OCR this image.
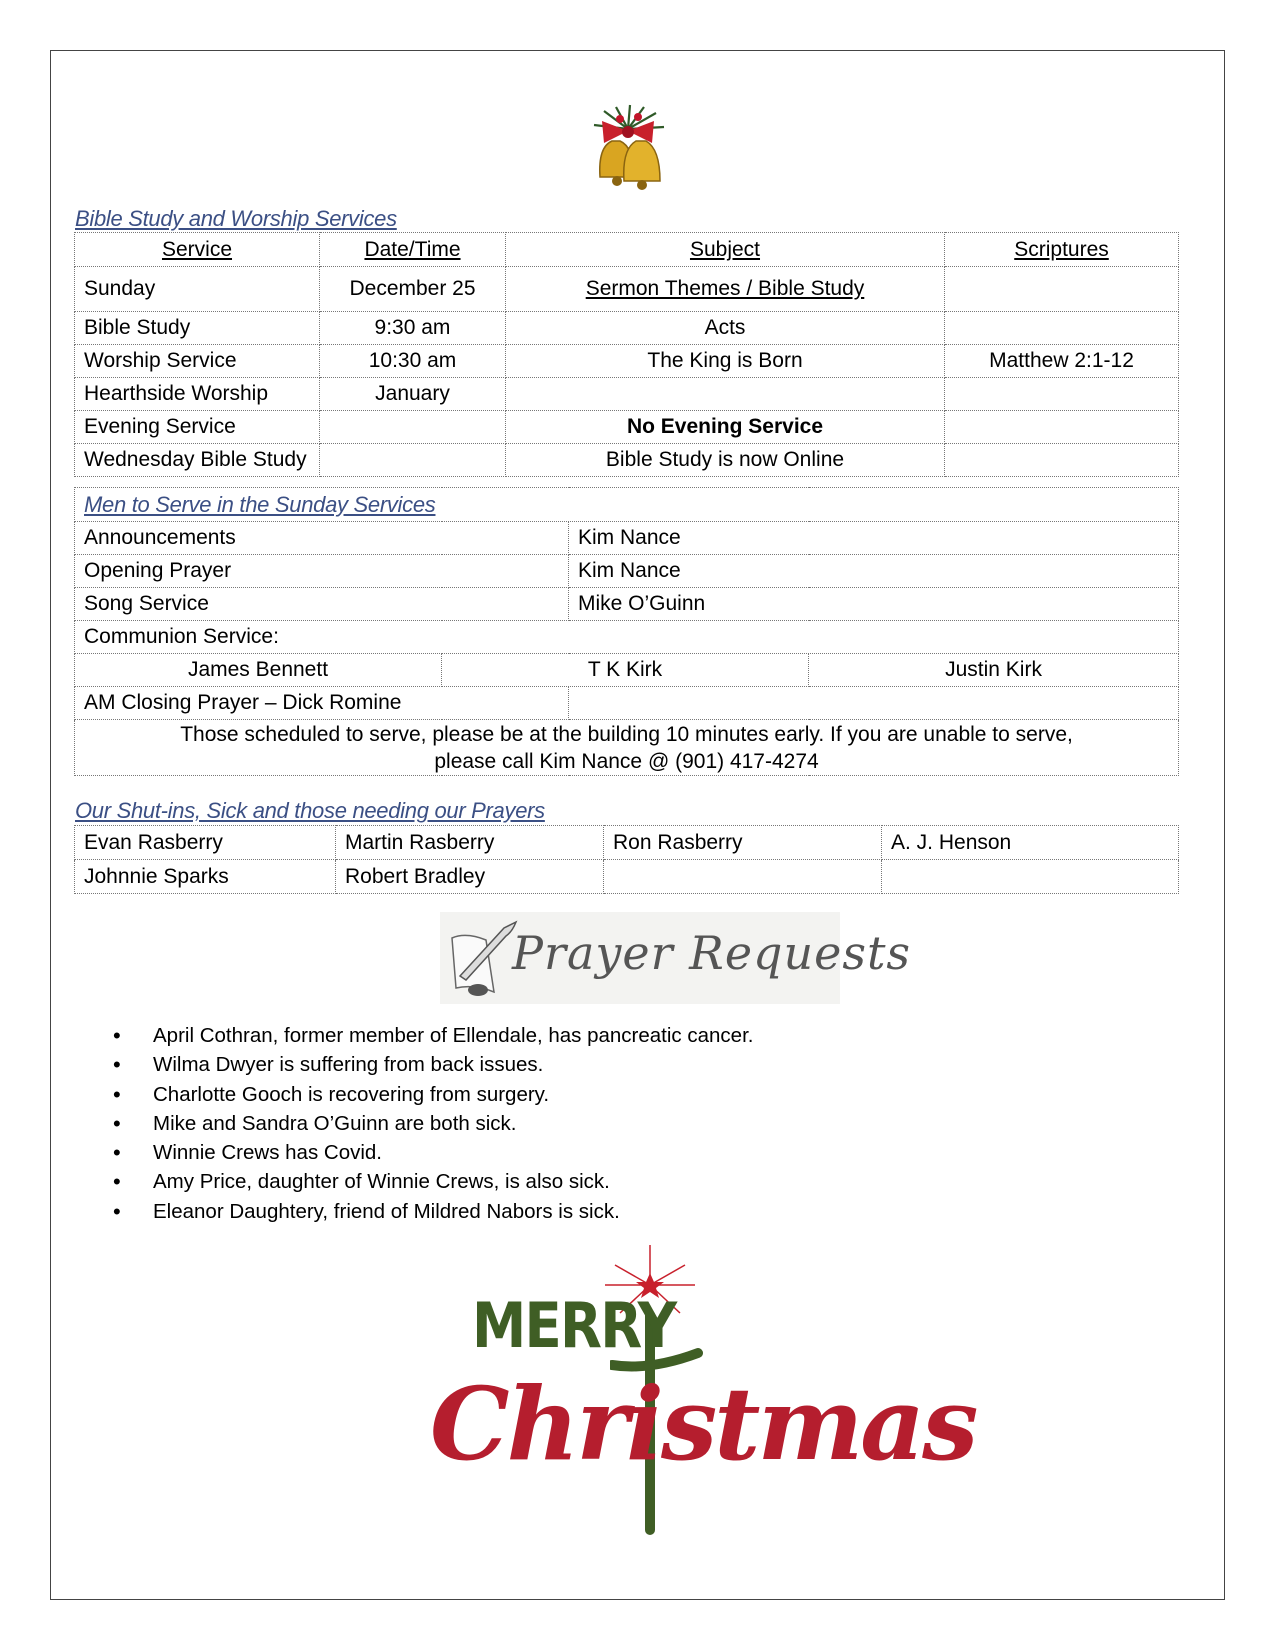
Bible Study and Worship Services
Service	Date/Time	Subject	Scriptures
Sunday	December 25	Sermon Themes / Bible Study	
Bible Study	9:30 am	Acts	
Worship Service	10:30 am	The King is Born	Matthew 2:1-12
Hearthside Worship	January		
Evening Service		No Evening Service	
Wednesday Bible Study		Bible Study is now Online	
Men to Serve in the Sunday Services			
Announcements		Kim Nance	
Opening Prayer		Kim Nance	
Song Service		Mike O’Guinn	
Communion Service:			
James Bennett	T K Kirk		Justin Kirk
AM Closing Prayer – Dick Romine			

Those scheduled to serve, please be at the building 10 minutes early. If you are unable to serve,
please call Kim Nance @ (901) 417-4274			
Our Shut-ins, Sick and those needing our Prayers
Evan Rasberry	Martin Rasberry	Ron Rasberry	A. J. Henson
Johnnie Sparks	Robert Bradley		
Prayer Requests
• April Cothran, former member of Ellendale, has pancreatic cancer.
• Wilma Dwyer is suffering from back issues.
• Charlotte Gooch is recovering from surgery.
• Mike and Sandra O’Guinn are both sick.
• Winnie Crews has Covid.
• Amy Price, daughter of Winnie Crews, is also sick.
• Eleanor Daughtery, friend of Mildred Nabors is sick.
MERRY
Christmas
